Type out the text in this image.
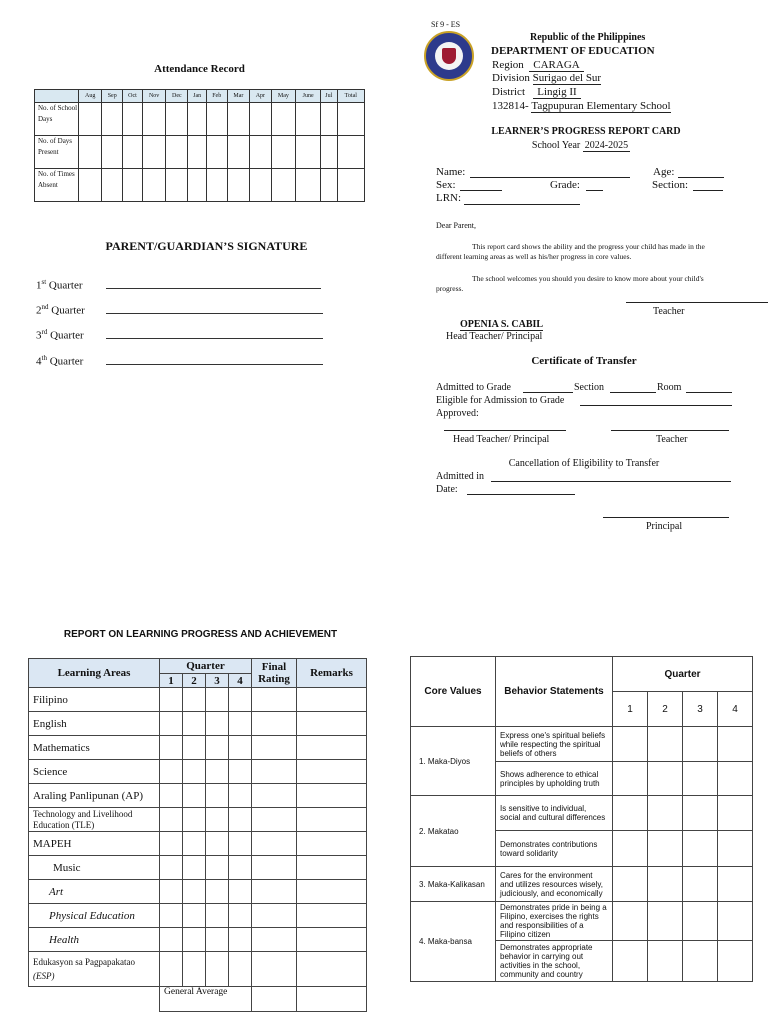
Attendance Record
	Aug	Sep	Oct	Nov	Dec	Jan	Feb	Mar	Apr	May	June	Jul	Total
No. of School Days													
No. of Days Present													
No. of Times Absent													
PARENT/GUARDIAN’S SIGNATURE
1st Quarter
2nd Quarter
3rd Quarter
4th Quarter
Sf 9 - ES
Republic of the Philippines
DEPARTMENT OF EDUCATION
Region CARAGA
Division Surigao del Sur
District Lingig II
132814- Tagpupuran Elementary School
LEARNER’S PROGRESS REPORT CARD
School Year 2024-2025
Name:	Age:
Sex:	Grade:	Section:
LRN:
Dear Parent,
This report card shows the ability and the progress your child has made in the different learning areas as well as his/her progress in core values.
The school welcomes you should you desire to know more about your child's progress.
Teacher
OPENIA S. CABIL
Head Teacher/ Principal
Certificate of Transfer
Admitted to Grade	Section	Room
Eligible for Admission to Grade
Approved:
Head Teacher/ Principal	Teacher
Cancellation of Eligibility to Transfer
Admitted in
Date:
Principal
REPORT ON LEARNING PROGRESS AND ACHIEVEMENT
Learning Areas	Quarter				Final Rating	Remarks
	1	2	3	4		
Filipino						
English						
Mathematics						
Science						
Araling Panlipunan (AP)						

Technology and Livelihood Education (TLE)						

MAPEH						
Music						
Art						
Physical Education						
Health						

Edukasyon sa Pagpapakatao
(ESP)						

	General Average					
Core Values	Behavior Statements	Quarter			
		1	2	3	4
1. Maka-Diyos	Express one's spiritual beliefs while respecting the spiritual beliefs of others				
	Shows adherence to ethical principles by upholding truth				
2. Makatao	Is sensitive to individual, social and cultural differences				
	Demonstrates contributions toward solidarity				
3. Maka-Kalikasan	Cares for the environment and utilizes resources wisely, judiciously, and economically				
4. Maka-bansa	Demonstrates pride in being a Filipino, exercises the rights and responsibilities of a Filipino citizen				
	Demonstrates appropriate behavior in carrying out activities in the school, community and country				
